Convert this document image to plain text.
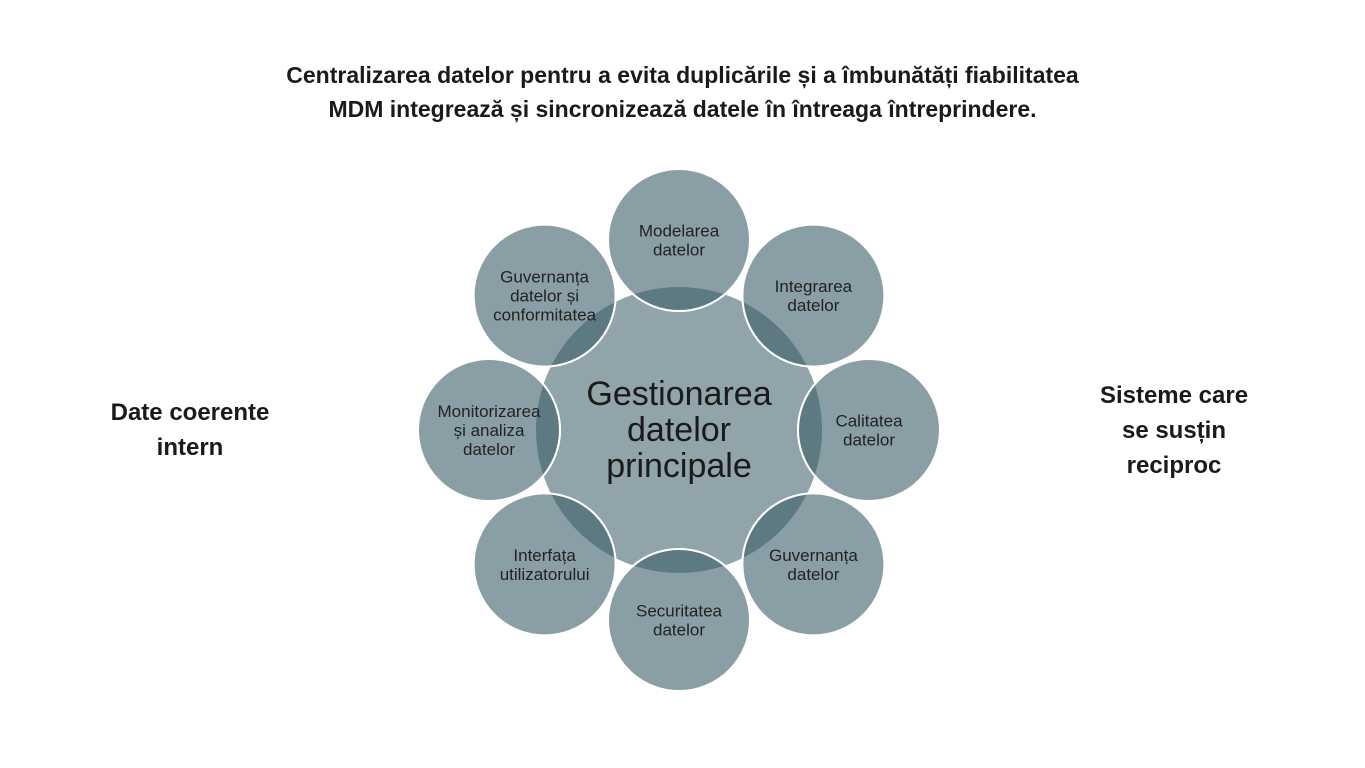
Centralizarea datelor pentru a evita duplicările și a îmbunătăți fiabilitatea
MDM integrează și sincronizează datele în întreaga întreprindere.
Date coerente
intern
Sisteme care
se susțin
reciproc
Gestionarea
datelor
principale
Modelarea
datelor
Integrarea
datelor
Calitatea
datelor
Guvernanța
datelor
Securitatea
datelor
Interfața
utilizatorului
Monitorizarea
și analiza
datelor
Guvernanța
datelor și
conformitatea
